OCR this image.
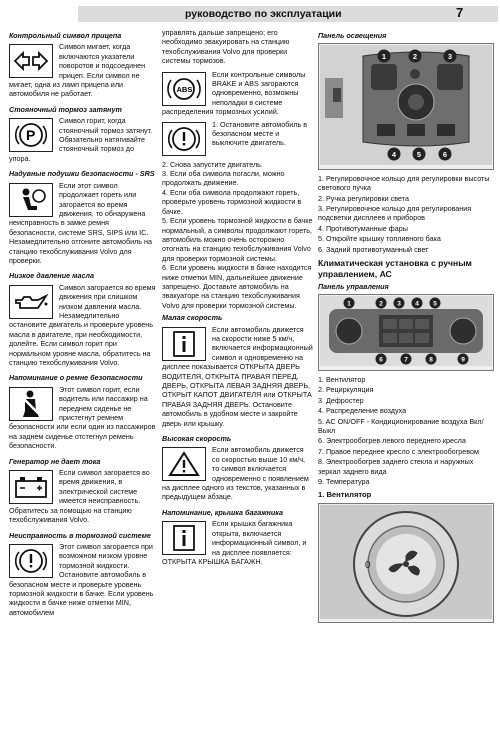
руководство по эксплуатации	7
Контрольный символ прицепа

Символ мигает, когда включаются указатели поворотов и подсоединен прицеп. Если символ не мигает, одна из ламп прицепа или автомобиля не работает.

Стояночный тормоз затянут
P

Символ горит, когда стояночный тормоз затянут. Обязательно натягивайте стояночный тормоз до упора.

Надувные подушки безопасности - SRS

Если этот символ продолжает гореть или загорается во время движения, то обнаружена неисправность в замке ремня безопасности, системе SRS, SIPS или IC. Незамедлительно отгоните автомобиль на станцию техобслуживания Volvo для проверки.

Низкое давление масла

Символ загорается во время движения при слишком низком давлении масла. Незамедлительно остановите двигатель и проверьте уровень масла в двигателе, при необходимости, долейте. Если символ горит при нормальном уровне масла, обратитесь на станцию техобслуживания Volvo.

Напоминание о ремне безопасности

Этот символ горит, если водитель или пассажир на переднем сиденье не пристегнут ремнем безопасности или если один из пассажиров на заднем сиденье отстегнул ремень безопасности.

Генератор не дает тока

Если символ загорается во время движения, в электрической системе имеется неисправность. Обратитесь за помощью на станцию техобслуживания Volvo.

Неисправность в тормозной системе

Этот символ загорается при возможном низком уровне тормозной жидкости. Остановите автомобиль в безопасном месте и проверьте уровень тормозной жидкости в бачке. Если уровень жидкости в бачке ниже отметки MIN, автомобилем

управлять дальше запрещено; его необходимо эвакуировать на станцию техобслуживания Volvo для проверки системы тормозов.

ABS

Если контрольные символы BRAKE и ABS загораются одновременно, возможны неполадки в системе распределения тормозных усилий.

1. Остановите автомобиль в безопасном месте и выключите двигатель.

2. Снова запустите двигатель.

3. Если оба символа погасли, можно продолжать движение.

4. Если оба символа продолжают гореть, проверьте уровень тормозной жидкости в бачке.

5. Если уровень тормозной жидкости в бачке нормальный, а символы продолжают гореть, автомобиль можно очень осторожно отогнать на станцию техобслуживания Volvo для проверки тормозной системы.

6. Если уровень жидкости в бачке находится ниже отметки MIN, дальнейшее движение запрещено. Доставьте автомобиль на эвакуаторе на станцию техобслуживания Volvo для проверки тормозной системы.

Малая скорость

Если автомобиль движется на скорости ниже 5 км/ч, включается информационный символ и одновременно на дисплее показывается ОТКРЫТА ДВЕРЬ ВОДИТЕЛЯ, ОТКРЫТА ПРАВАЯ ПЕРЕД. ДВЕРЬ, ОТКРЫТА ЛЕВАЯ ЗАДНЯЯ ДВЕРЬ, ОТКРЫТ КАПОТ ДВИГАТЕЛЯ или ОТКРЫТА ПРАВАЯ ЗАДНЯЯ ДВЕРЬ. Остановите автомобиль в удобном месте и закройте дверь или крышку.

Высокая скорость

Если автомобиль движется со скоростью выше 10 км/ч, то символ включается одновременно с появлением на дисплее одного из текстов, указанных в предыдущем абзаце.

Напоминание, крышка багажника

Если крышка багажника открыта, включается информационный символ, и на дисплее появляется: ОТКРЫТА КРЫШКА БАГАЖН.

Панель освещения
1	2	3
4	5	6
1. Регулировочное кольцо для регулировки высоты светового пучка
2. Ручка регулировки света
3. Регулировочное кольцо для регулирования подсветки дисплеев и приборов
4. Противотуманные фары
5. Откройте крышку топливного бака
6. Задний противотуманный свет
Климатическая установка с ручным управлением, АС
Панель управления
1	2 3 4 5
6	7	8	9
1. Вентилятор
2. Рециркуляция
3. Дефростер
4. Распределение воздуха
5. AC ON/OFF - Кондиционирование воздуха Вкл/Выкл
6. Электрообогрев левого переднего кресла
7. Правое переднее кресло с электрообогревом
8. Электрообогрев заднего стекла и наружных зеркал заднего вида
9. Температура
1. Вентилятор
0
